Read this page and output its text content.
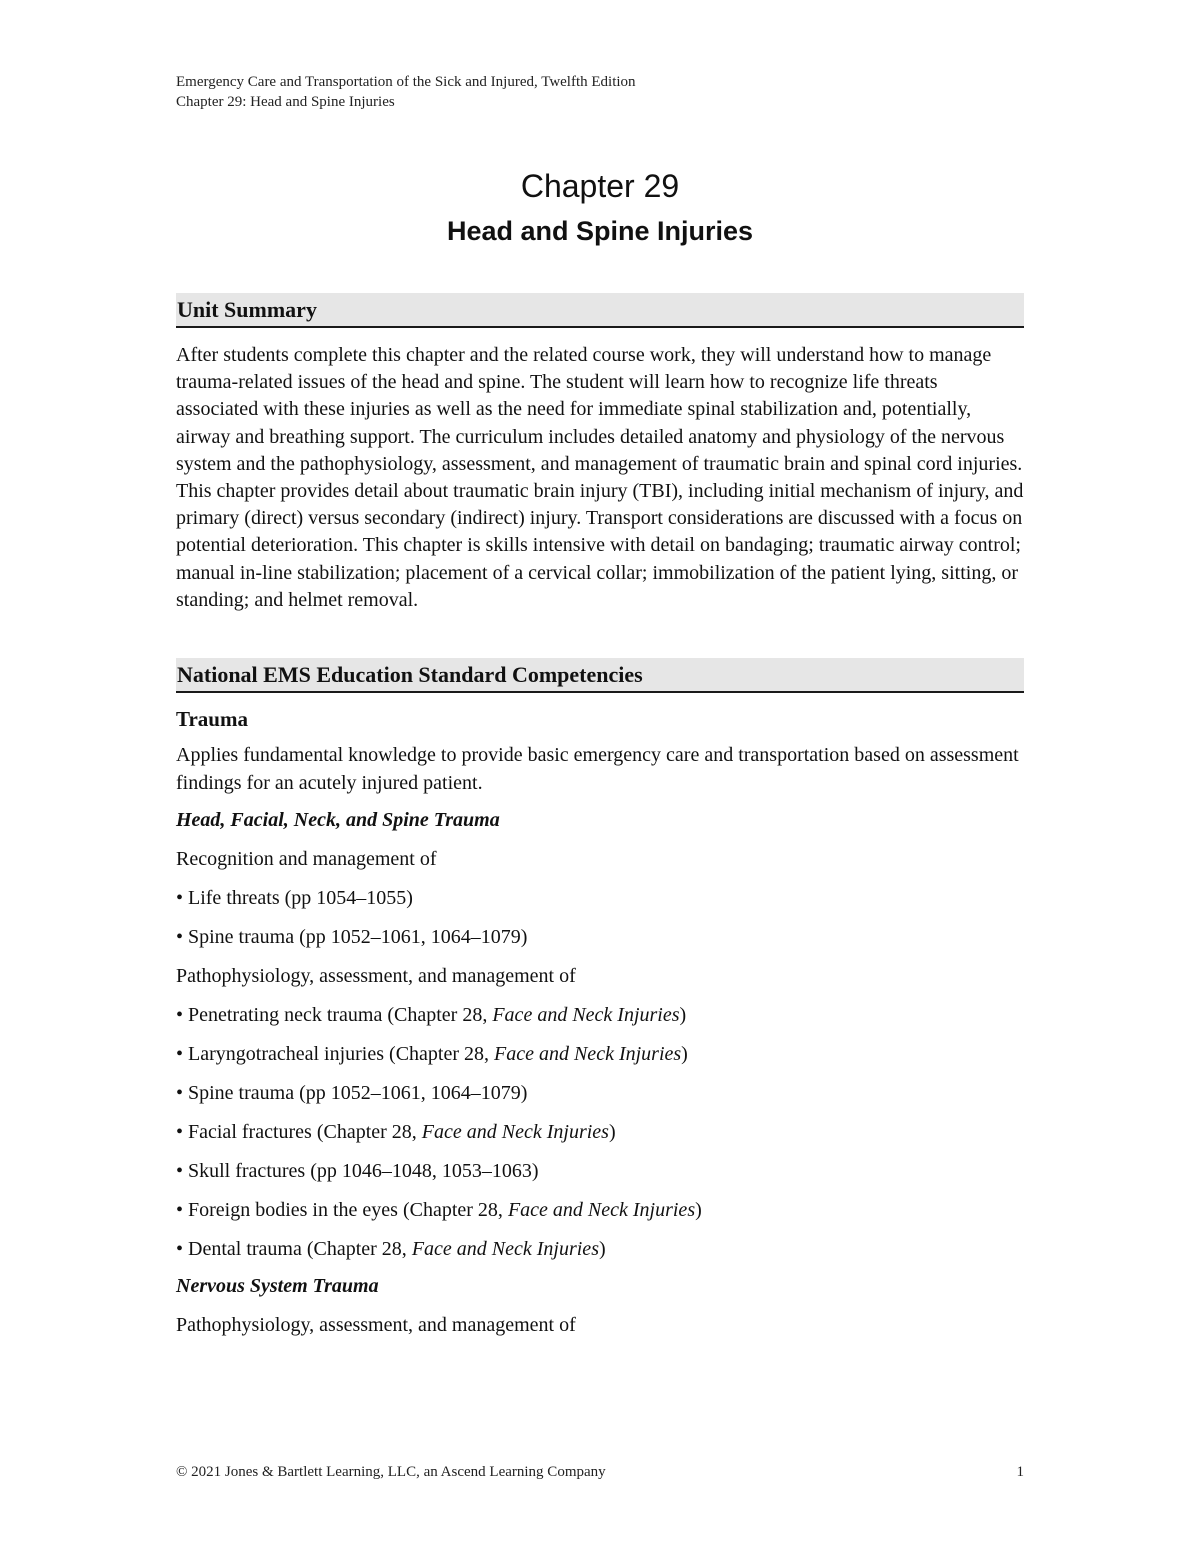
Emergency Care and Transportation of the Sick and Injured, Twelfth Edition
Chapter 29: Head and Spine Injuries
Chapter 29
Head and Spine Injuries
Unit Summary

After students complete this chapter and the related course work, they will understand how to manage trauma-related issues of the head and spine. The student will learn how to recognize life threats associated with these injuries as well as the need for immediate spinal stabilization and, potentially, airway and breathing support. The curriculum includes detailed anatomy and physiology of the nervous system and the pathophysiology, assessment, and management of traumatic brain and spinal cord injuries. This chapter provides detail about traumatic brain injury (TBI), including initial mechanism of injury, and primary (direct) versus secondary (indirect) injury. Transport considerations are discussed with a focus on potential deterioration. This chapter is skills intensive with detail on bandaging; traumatic airway control; manual in-line stabilization; placement of a cervical collar; immobilization of the patient lying, sitting, or standing; and helmet removal.

National EMS Education Standard Competencies
Trauma

Applies fundamental knowledge to provide basic emergency care and transportation based on assessment findings for an acutely injured patient.

Head, Facial, Neck, and Spine Trauma
Recognition and management of
• Life threats (pp 1054–1055)
• Spine trauma (pp 1052–1061, 1064–1079)
Pathophysiology, assessment, and management of
• Penetrating neck trauma (Chapter 28, Face and Neck Injuries)
• Laryngotracheal injuries (Chapter 28, Face and Neck Injuries)
• Spine trauma (pp 1052–1061, 1064–1079)
• Facial fractures (Chapter 28, Face and Neck Injuries)
• Skull fractures (pp 1046–1048, 1053–1063)
• Foreign bodies in the eyes (Chapter 28, Face and Neck Injuries)
• Dental trauma (Chapter 28, Face and Neck Injuries)
Nervous System Trauma
Pathophysiology, assessment, and management of
© 2021 Jones & Bartlett Learning, LLC, an Ascend Learning Company	1
